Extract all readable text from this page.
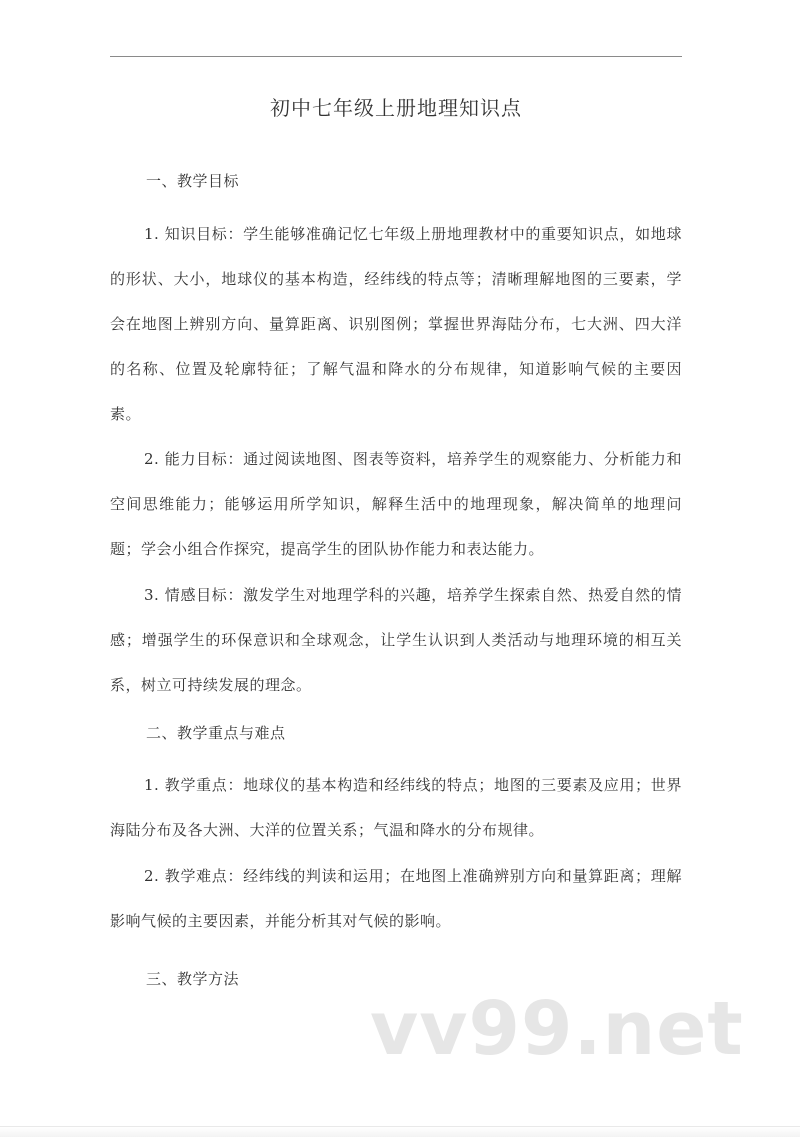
初中七年级上册地理知识点
一、教学目标
1. 知识目标：学生能够准确记忆七年级上册地理教材中的重要知识点，如地球的形状、大小，地球仪的基本构造，经纬线的特点等；清晰理解地图的三要素，学会在地图上辨别方向、量算距离、识别图例；掌握世界海陆分布，七大洲、四大洋的名称、位置及轮廓特征；了解气温和降水的分布规律，知道影响气候的主要因素。
2. 能力目标：通过阅读地图、图表等资料，培养学生的观察能力、分析能力和空间思维能力；能够运用所学知识，解释生活中的地理现象，解决简单的地理问题；学会小组合作探究，提高学生的团队协作能力和表达能力。
3. 情感目标：激发学生对地理学科的兴趣，培养学生探索自然、热爱自然的情感；增强学生的环保意识和全球观念，让学生认识到人类活动与地理环境的相互关系，树立可持续发展的理念。
二、教学重点与难点
1. 教学重点：地球仪的基本构造和经纬线的特点；地图的三要素及应用；世界海陆分布及各大洲、大洋的位置关系；气温和降水的分布规律。
2. 教学难点：经纬线的判读和运用；在地图上准确辨别方向和量算距离；理解影响气候的主要因素，并能分析其对气候的影响。
三、教学方法
vv99.net
